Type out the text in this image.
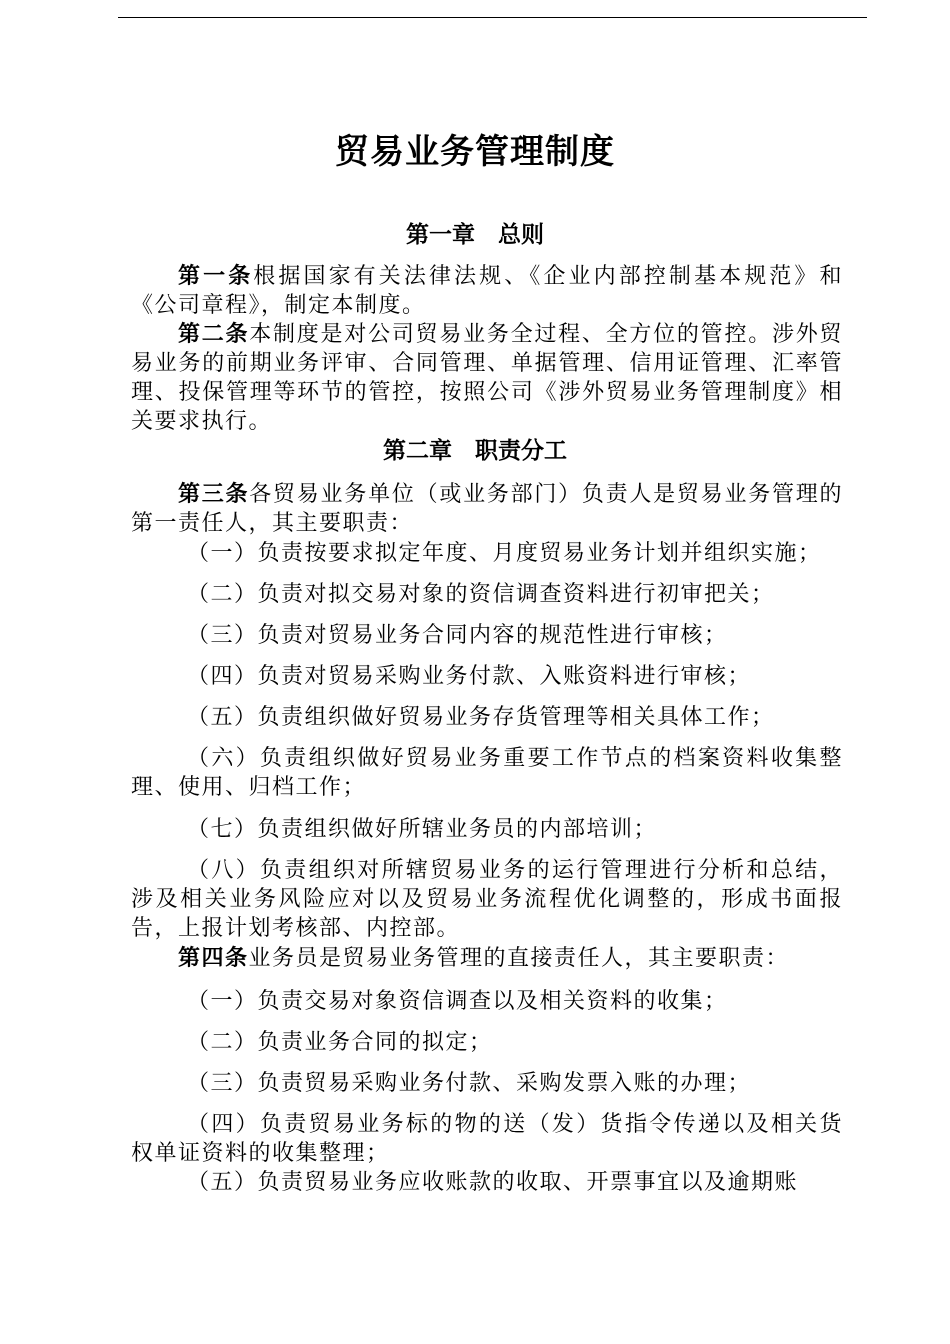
贸易业务管理制度
第一章　总则

第一条根据国家有关法律法规、《企业内部控制基本规范》和《公司章程》，制定本制度。

第二条本制度是对公司贸易业务全过程、全方位的管控。涉外贸易业务的前期业务评审、合同管理、单据管理、信用证管理、汇率管理、投保管理等环节的管控，按照公司《涉外贸易业务管理制度》相关要求执行。

第二章　职责分工

第三条各贸易业务单位（或业务部门）负责人是贸易业务管理的第一责任人，其主要职责：

（一）负责按要求拟定年度、月度贸易业务计划并组织实施；

（二）负责对拟交易对象的资信调查资料进行初审把关；

（三）负责对贸易业务合同内容的规范性进行审核；

（四）负责对贸易采购业务付款、入账资料进行审核；

（五）负责组织做好贸易业务存货管理等相关具体工作；

（六）负责组织做好贸易业务重要工作节点的档案资料收集整理、使用、归档工作；

（七）负责组织做好所辖业务员的内部培训；

（八）负责组织对所辖贸易业务的运行管理进行分析和总结，涉及相关业务风险应对以及贸易业务流程优化调整的，形成书面报告，上报计划考核部、内控部。

第四条业务员是贸易业务管理的直接责任人，其主要职责：

（一）负责交易对象资信调查以及相关资料的收集；

（二）负责业务合同的拟定；

（三）负责贸易采购业务付款、采购发票入账的办理；

（四）负责贸易业务标的物的送（发）货指令传递以及相关货权单证资料的收集整理；

（五）负责贸易业务应收账款的收取、开票事宜以及逾期账
